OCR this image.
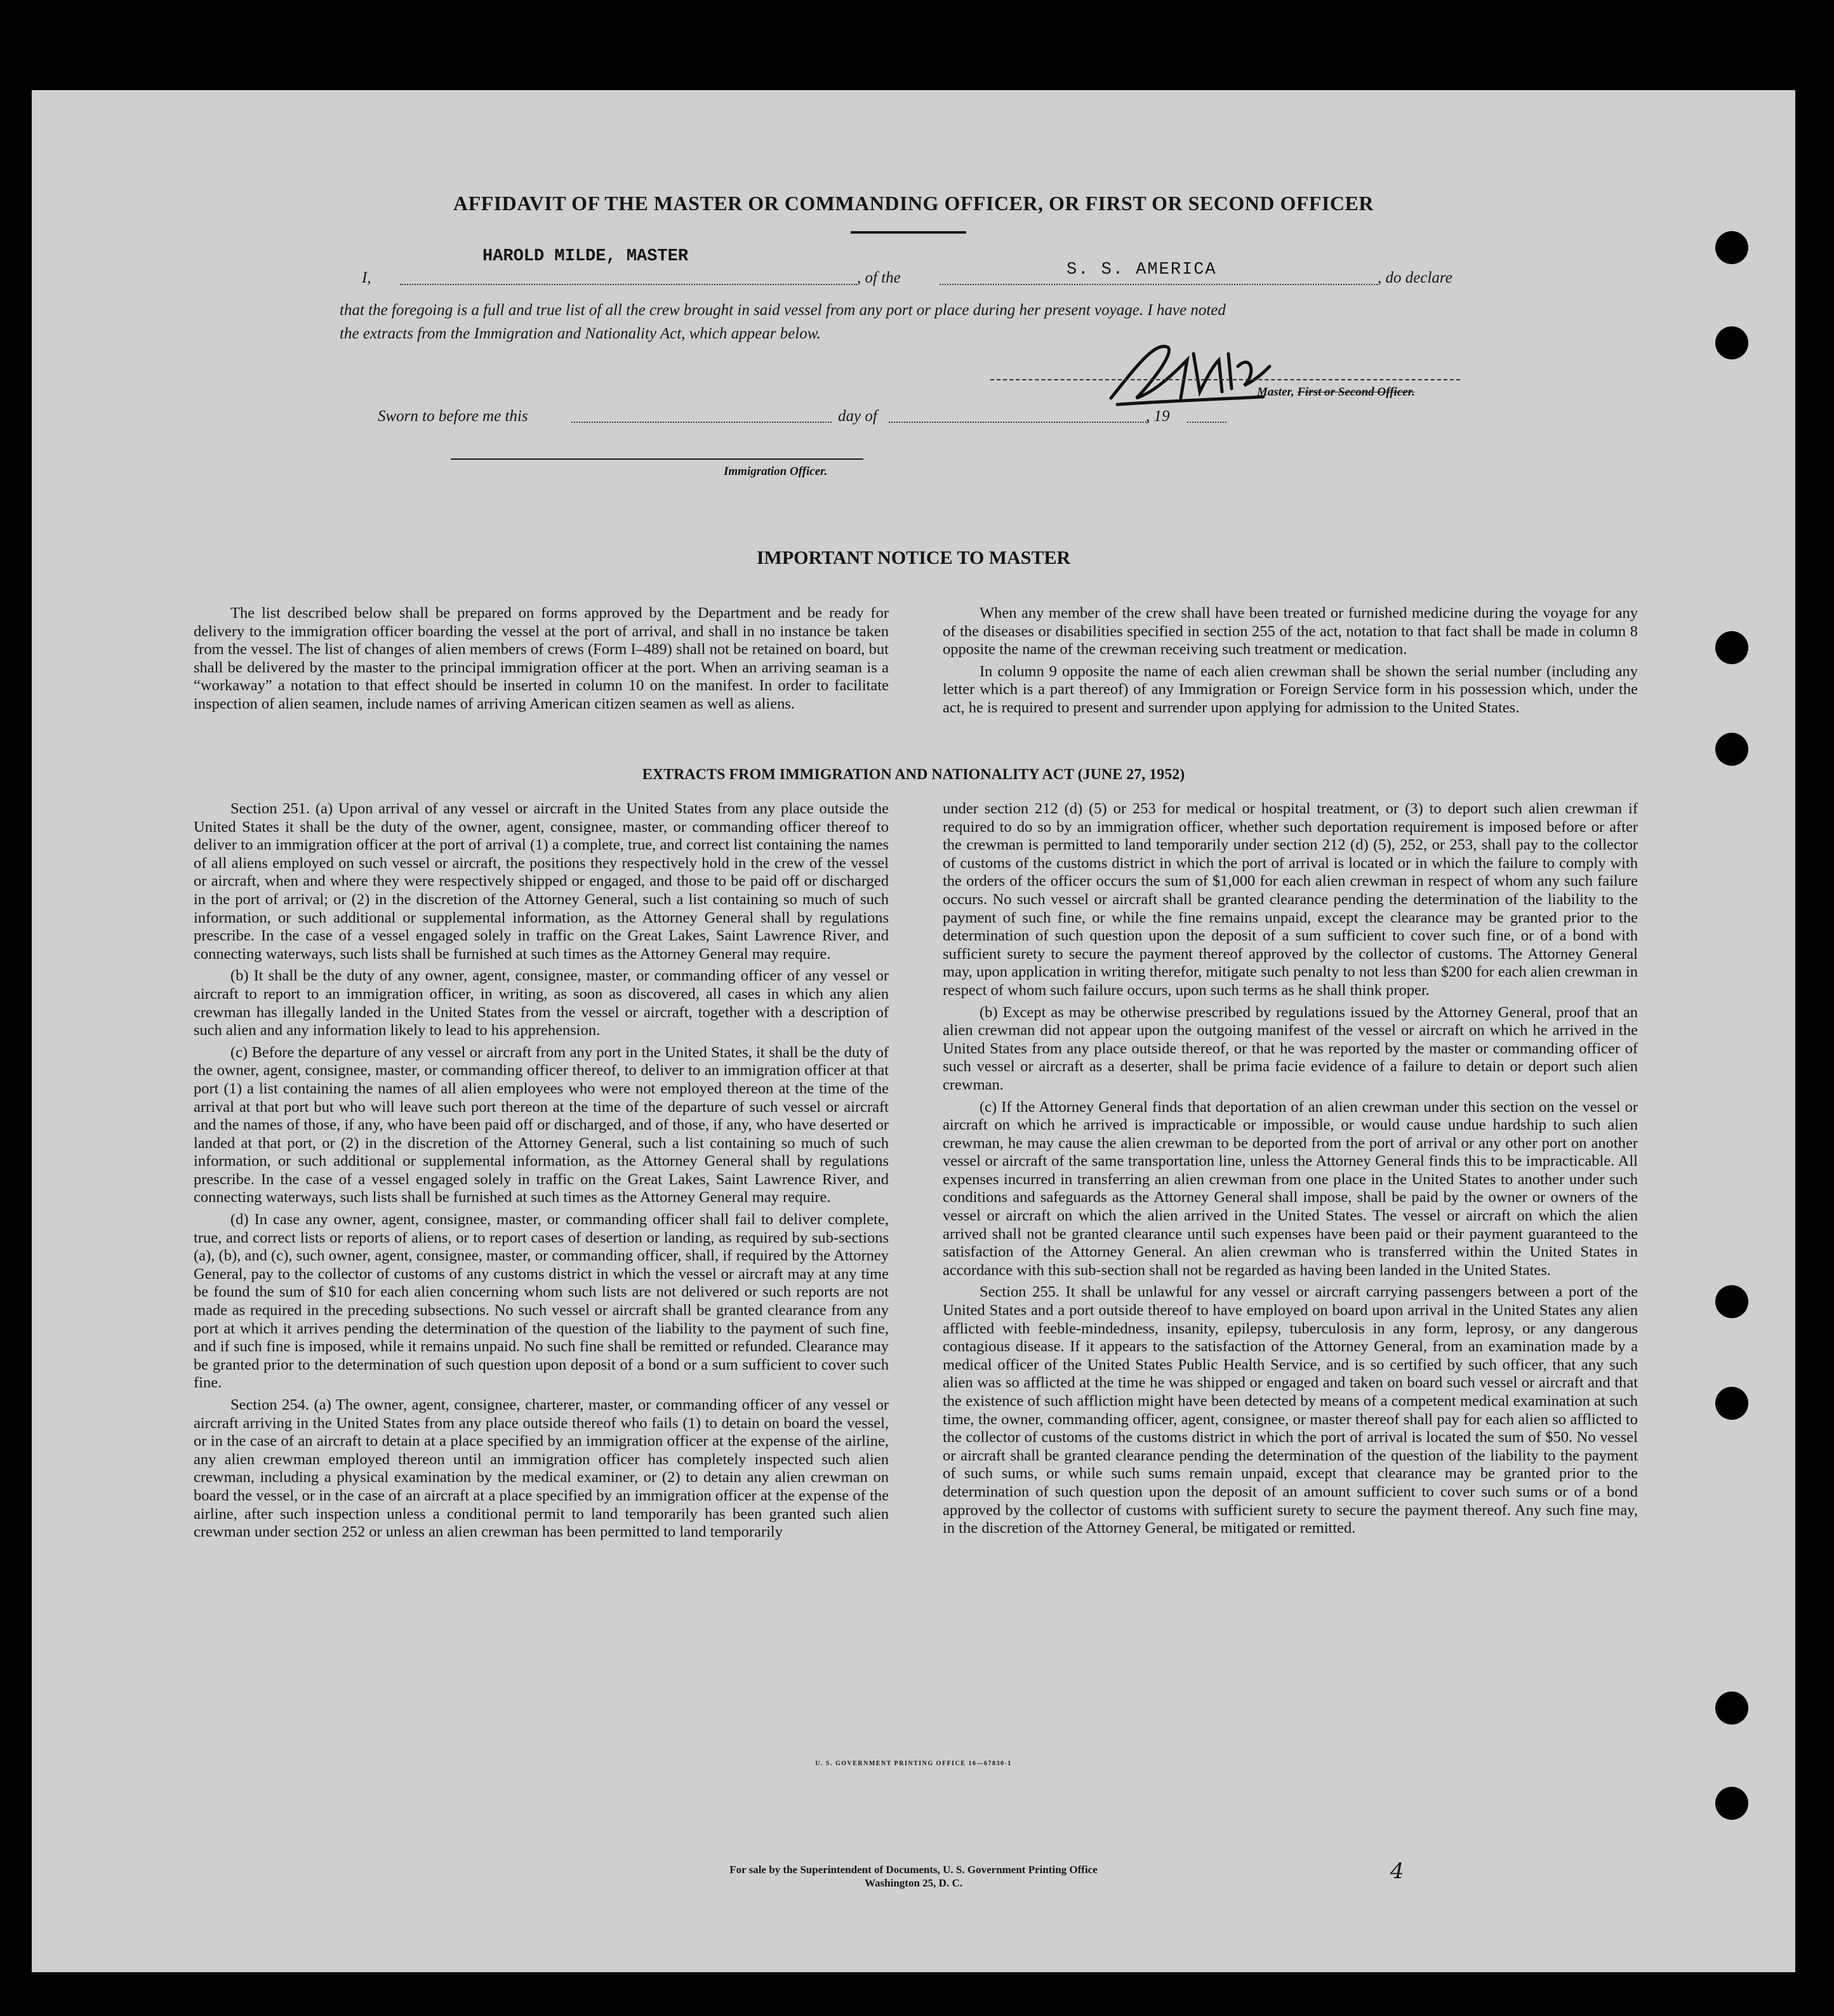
AFFIDAVIT OF THE MASTER OR COMMANDING OFFICER, OR FIRST OR SECOND OFFICER
HAROLD MILDE, MASTER
I,	, of the	S. S. AMERICA	, do declare
that the foregoing is a full and true list of all the crew brought in said vessel from any port or place during her present voyage. I have noted
the extracts from the Immigration and Nationality Act, which appear below.
Master, First or Second Officer.
Sworn to before me this	day of	, 19
Immigration Officer.
IMPORTANT NOTICE TO MASTER

The list described below shall be prepared on forms approved by the Department and be ready for delivery to the immigration officer boarding the vessel at the port of arrival, and shall in no instance be taken from the vessel. The list of changes of alien members of crews (Form I–489) shall not be retained on board, but shall be delivered by the master to the principal immigration officer at the port. When an arriving seaman is a “workaway” a notation to that effect should be inserted in column 10 on the manifest. In order to facilitate inspection of alien seamen, include names of arriving American citizen seamen as well as aliens.

When any member of the crew shall have been treated or furnished medicine during the voyage for any of the diseases or disabilities specified in section 255 of the act, notation to that fact shall be made in column 8 opposite the name of the crewman receiving such treatment or medication.

In column 9 opposite the name of each alien crewman shall be shown the serial number (including any letter which is a part thereof) of any Immigration or Foreign Service form in his possession which, under the act, he is required to present and surrender upon applying for admission to the United States.

EXTRACTS FROM IMMIGRATION AND NATIONALITY ACT (JUNE 27, 1952)

Section 251. (a) Upon arrival of any vessel or aircraft in the United States from any place outside the United States it shall be the duty of the owner, agent, consignee, master, or commanding officer thereof to deliver to an immigration officer at the port of arrival (1) a complete, true, and correct list containing the names of all aliens employed on such vessel or aircraft, the positions they respectively hold in the crew of the vessel or aircraft, when and where they were respectively shipped or engaged, and those to be paid off or discharged in the port of arrival; or (2) in the discretion of the Attorney General, such a list containing so much of such information, or such additional or supplemental information, as the Attorney General shall by regulations prescribe. In the case of a vessel engaged solely in traffic on the Great Lakes, Saint Lawrence River, and connecting waterways, such lists shall be furnished at such times as the Attorney General may require.

(b) It shall be the duty of any owner, agent, consignee, master, or commanding officer of any vessel or aircraft to report to an immigration officer, in writing, as soon as discovered, all cases in which any alien crewman has illegally landed in the United States from the vessel or aircraft, together with a description of such alien and any information likely to lead to his apprehension.

(c) Before the departure of any vessel or aircraft from any port in the United States, it shall be the duty of the owner, agent, consignee, master, or commanding officer thereof, to deliver to an immigration officer at that port (1) a list containing the names of all alien employees who were not employed thereon at the time of the arrival at that port but who will leave such port thereon at the time of the departure of such vessel or aircraft and the names of those, if any, who have been paid off or discharged, and of those, if any, who have deserted or landed at that port, or (2) in the discretion of the Attorney General, such a list containing so much of such information, or such additional or supplemental information, as the Attorney General shall by regulations prescribe. In the case of a vessel engaged solely in traffic on the Great Lakes, Saint Lawrence River, and connecting waterways, such lists shall be furnished at such times as the Attorney General may require.

(d) In case any owner, agent, consignee, master, or commanding officer shall fail to deliver complete, true, and correct lists or reports of aliens, or to report cases of desertion or landing, as required by sub-sections (a), (b), and (c), such owner, agent, consignee, master, or commanding officer, shall, if required by the Attorney General, pay to the collector of customs of any customs district in which the vessel or aircraft may at any time be found the sum of $10 for each alien concerning whom such lists are not delivered or such reports are not made as required in the preceding subsections. No such vessel or aircraft shall be granted clearance from any port at which it arrives pending the determination of the question of the liability to the payment of such fine, and if such fine is imposed, while it remains unpaid. No such fine shall be remitted or refunded. Clearance may be granted prior to the determination of such question upon deposit of a bond or a sum sufficient to cover such fine.

Section 254. (a) The owner, agent, consignee, charterer, master, or commanding officer of any vessel or aircraft arriving in the United States from any place outside thereof who fails (1) to detain on board the vessel, or in the case of an aircraft to detain at a place specified by an immigration officer at the expense of the airline, any alien crewman employed thereon until an immigration officer has completely inspected such alien crewman, including a physical examination by the medical examiner, or (2) to detain any alien crewman on board the vessel, or in the case of an aircraft at a place specified by an immigration officer at the expense of the airline, after such inspection unless a conditional permit to land temporarily has been granted such alien crewman under section 252 or unless an alien crewman has been permitted to land temporarily

under section 212 (d) (5) or 253 for medical or hospital treatment, or (3) to deport such alien crewman if required to do so by an immigration officer, whether such deportation requirement is imposed before or after the crewman is permitted to land temporarily under section 212 (d) (5), 252, or 253, shall pay to the collector of customs of the customs district in which the port of arrival is located or in which the failure to comply with the orders of the officer occurs the sum of $1,000 for each alien crewman in respect of whom any such failure occurs. No such vessel or aircraft shall be granted clearance pending the determination of the liability to the payment of such fine, or while the fine remains unpaid, except the clearance may be granted prior to the determination of such question upon the deposit of a sum sufficient to cover such fine, or of a bond with sufficient surety to secure the payment thereof approved by the collector of customs. The Attorney General may, upon application in writing therefor, mitigate such penalty to not less than $200 for each alien crewman in respect of whom such failure occurs, upon such terms as he shall think proper.

(b) Except as may be otherwise prescribed by regulations issued by the Attorney General, proof that an alien crewman did not appear upon the outgoing manifest of the vessel or aircraft on which he arrived in the United States from any place outside thereof, or that he was reported by the master or commanding officer of such vessel or aircraft as a deserter, shall be prima facie evidence of a failure to detain or deport such alien crewman.

(c) If the Attorney General finds that deportation of an alien crewman under this section on the vessel or aircraft on which he arrived is impracticable or impossible, or would cause undue hardship to such alien crewman, he may cause the alien crewman to be deported from the port of arrival or any other port on another vessel or aircraft of the same transportation line, unless the Attorney General finds this to be impracticable. All expenses incurred in transferring an alien crewman from one place in the United States to another under such conditions and safeguards as the Attorney General shall impose, shall be paid by the owner or owners of the vessel or aircraft on which the alien arrived in the United States. The vessel or aircraft on which the alien arrived shall not be granted clearance until such expenses have been paid or their payment guaranteed to the satisfaction of the Attorney General. An alien crewman who is transferred within the United States in accordance with this sub-section shall not be regarded as having been landed in the United States.

Section 255. It shall be unlawful for any vessel or aircraft carrying passengers between a port of the United States and a port outside thereof to have employed on board upon arrival in the United States any alien afflicted with feeble-mindedness, insanity, epilepsy, tuberculosis in any form, leprosy, or any dangerous contagious disease. If it appears to the satisfaction of the Attorney General, from an examination made by a medical officer of the United States Public Health Service, and is so certified by such officer, that any such alien was so afflicted at the time he was shipped or engaged and taken on board such vessel or aircraft and that the existence of such affliction might have been detected by means of a competent medical examination at such time, the owner, commanding officer, agent, consignee, or master thereof shall pay for each alien so afflicted to the collector of customs of the customs district in which the port of arrival is located the sum of $50. No vessel or aircraft shall be granted clearance pending the determination of the question of the liability to the payment of such sums, or while such sums remain unpaid, except that clearance may be granted prior to the determination of such question upon the deposit of an amount sufficient to cover such sums or of a bond approved by the collector of customs with sufficient surety to secure the payment thereof. Any such fine may, in the discretion of the Attorney General, be mitigated or remitted.

U. S. GOVERNMENT PRINTING OFFICE 16—67830-1
For sale by the Superintendent of Documents, U. S. Government Printing Office
Washington 25, D. C.	4
